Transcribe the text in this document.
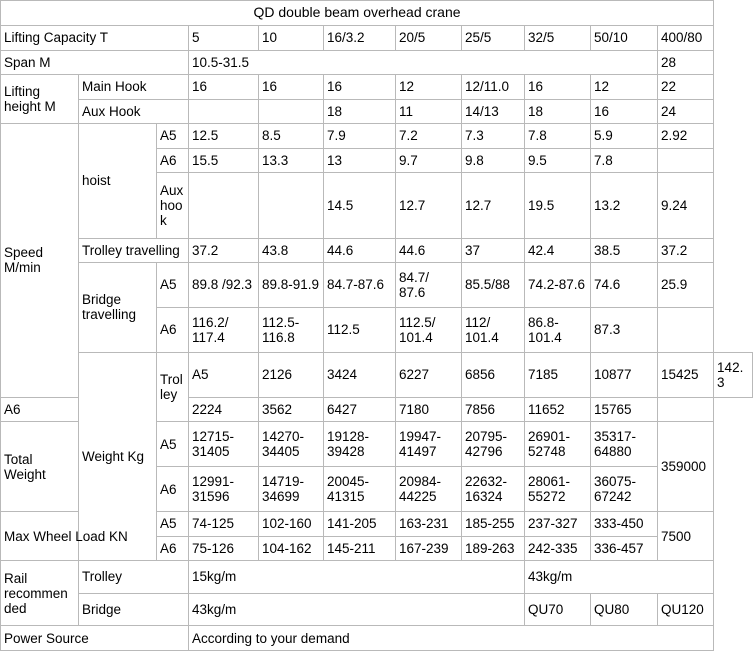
QD double beam overhead crane											
Lifting Capacity T			5	10	16/3.2	20/5	25/5	32/5	50/10	400/80	
Span M			10.5-31.5							28	
Lifting height M	Main Hook		16	16	16	12	12/11.0	16	12	22	
	Aux Hook				18	11	14/13	18	16	24	
Speed M/min	hoist	A5	12.5	8.5	7.9	7.2	7.3	7.8	5.9	2.92	
		A6	15.5	13.3	13	9.7	9.8	9.5	7.8		
		Aux hook			14.5	12.7	12.7	19.5	13.2	9.24	
	Trolley travelling		37.2	43.8	44.6	44.6	37	42.4	38.5	37.2	
	Bridge travelling	A5	89.8 /92.3	89.8-91.9	84.7-87.6	84.7/ 87.6	85.5/88	74.2-87.6	74.6	25.9	
		A6	116.2/ 117.4	112.5-116.8	112.5	112.5/ 101.4	112/ 101.4	86.8-101.4	87.3		
	Weight Kg	Trolley	A5	2126	3424	6227	6856	7185	10877	15425	142.3
A6			2224	3562	6427	7180	7856	11652	15765		
Total Weight		A5	12715-31405	14270-34405	19128-39428	19947-41497	20795-42796	26901-52748	35317-64880	359000	
		A6	12991-31596	14719-34699	20045-41315	20984-44225	22632-16324	28061-55272	36075-67242		
Max Wheel Load KN		A5	74-125	102-160	141-205	163-231	185-255	237-327	333-450	7500	
		A6	75-126	104-162	145-211	167-239	189-263	242-335	336-457		
Rail recommended	Trolley		15kg/m					43kg/m			
	Bridge		43kg/m					QU70	QU80	QU120	
Power Source			According to your demand								
